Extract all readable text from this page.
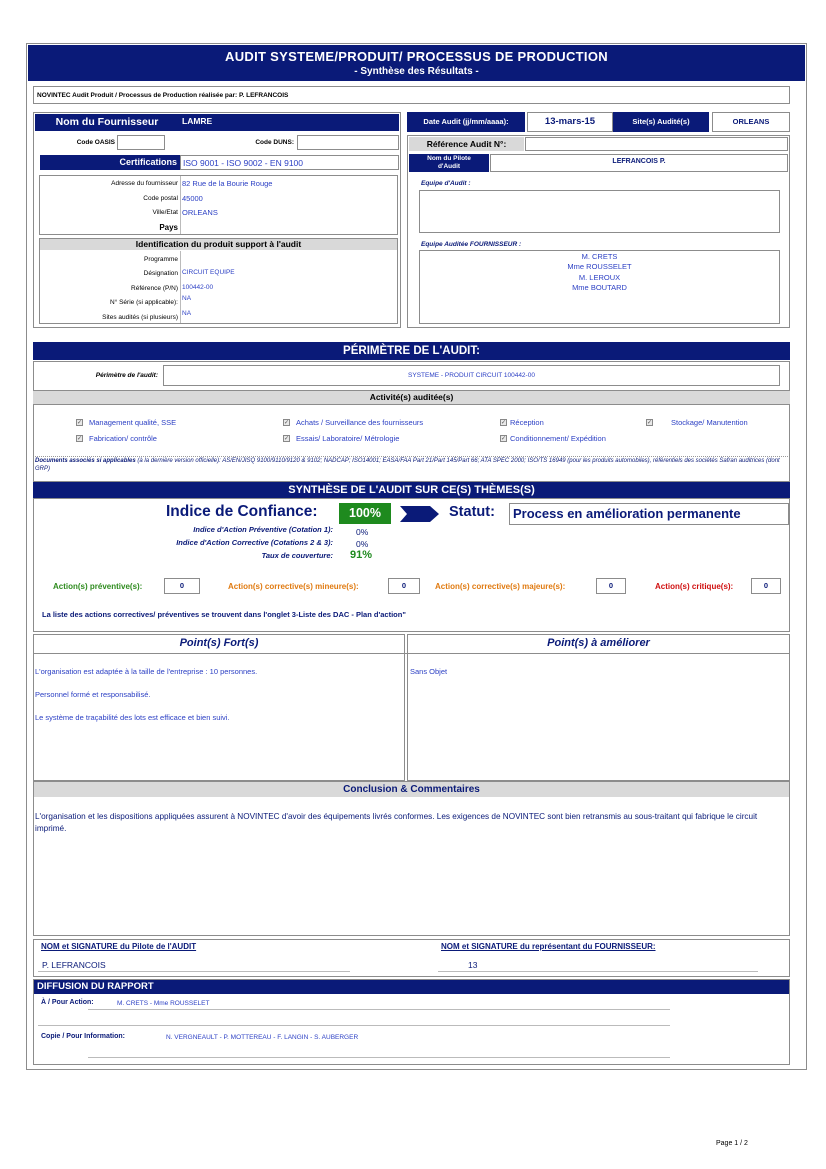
AUDIT SYSTEME/PRODUIT/ PROCESSUS DE PRODUCTION
- Synthèse des Résultats -
NOVINTEC Audit Produit / Processus de Production réalisée par: P. LEFRANCOIS
Nom du Fournisseur	LAMRE
Code OASIS	Code DUNS:
Certifications ISO 9001 - ISO 9002 - EN 9100
Adresse du fournisseur 82 Rue de la Bourie Rouge
Code postal 45000
Ville/Etat ORLEANS
Pays
Identification du produit support à l'audit
Programme
Désignation CIRCUIT EQUIPE
Référence (P/N) 100442-00
N° Série (si applicable):
NA
Sites audités (si plusieurs)
NA
Date Audit (jj/mm/aaaa):	13-mars-15	Site(s) Audité(s)	ORLEANS
Référence Audit N°:
Nom du Pilote d'Audit
LEFRANCOIS P.
Equipe d'Audit :
Equipe Auditée FOURNISSEUR :
M. CRETS
Mme ROUSSELET
M. LEROUX
Mme BOUTARD
PÉRIMÈTRE DE L'AUDIT:
Périmètre de l'audit:	SYSTEME - PRODUIT CIRCUIT 100442-00
Activité(s) auditée(s)
✓ Management qualité, SSE	✓ Achats / Surveillance des fournisseurs	✓ Réception	✓	Stockage/ Manutention
✓ Fabrication/ contrôle	✓ Essais/ Laboratoire/ Métrologie	✓ Conditionnement/ Expédition
Documents associés si applicables (à la dernière version officielle): AS/EN/JISQ 9100/9110/9120 & 9102; NADCAP; ISO14001; EASA/FAA Part 21/Part 145/Part 66; ATA SPEC 2000; ISO/TS 16949 (pour les produits automobiles), référentiels des sociétés Safran auditrices (dont GRP)
SYNTHÈSE DE L'AUDIT SUR CE(S) THÈMES(S)
Indice de Confiance:	100%	Statut:	Process en amélioration permanente
Indice d'Action Préventive (Cotation 1):	0%
Indice d'Action Corrective (Cotations 2 & 3):	0%
Taux de couverture: 91%
Action(s) préventive(s):	0	Action(s) corrective(s) mineure(s):	0	Action(s) corrective(s) majeure(s):	0	Action(s) critique(s):	0
La liste des actions correctives/ préventives se trouvent dans l'onglet 3-Liste des DAC - Plan d'action"
Point(s) Fort(s)	Point(s) à améliorer
L'organisation est adaptée à la taille de l'entreprise : 10 personnes.
Personnel formé et responsabilisé.
Le système de traçabilité des lots est efficace et bien suivi.
Sans Objet
Conclusion & Commentaires
L'organisation et les dispositions appliquées assurent à NOVINTEC d'avoir des équipements livrés conformes. Les exigences de NOVINTEC sont bien retransmis au sous-traitant qui fabrique le circuit imprimé.
NOM et SIGNATURE du Pilote de l'AUDIT
P. LEFRANCOIS
NOM et SIGNATURE du représentant du FOURNISSEUR:
13
DIFFUSION DU RAPPORT
À / Pour Action:	M. CRETS - Mme ROUSSELET
Copie / Pour Information:	N. VERGNEAULT - P. MOTTEREAU - F. LANGIN - S. AUBERGER
Page 1 / 2
